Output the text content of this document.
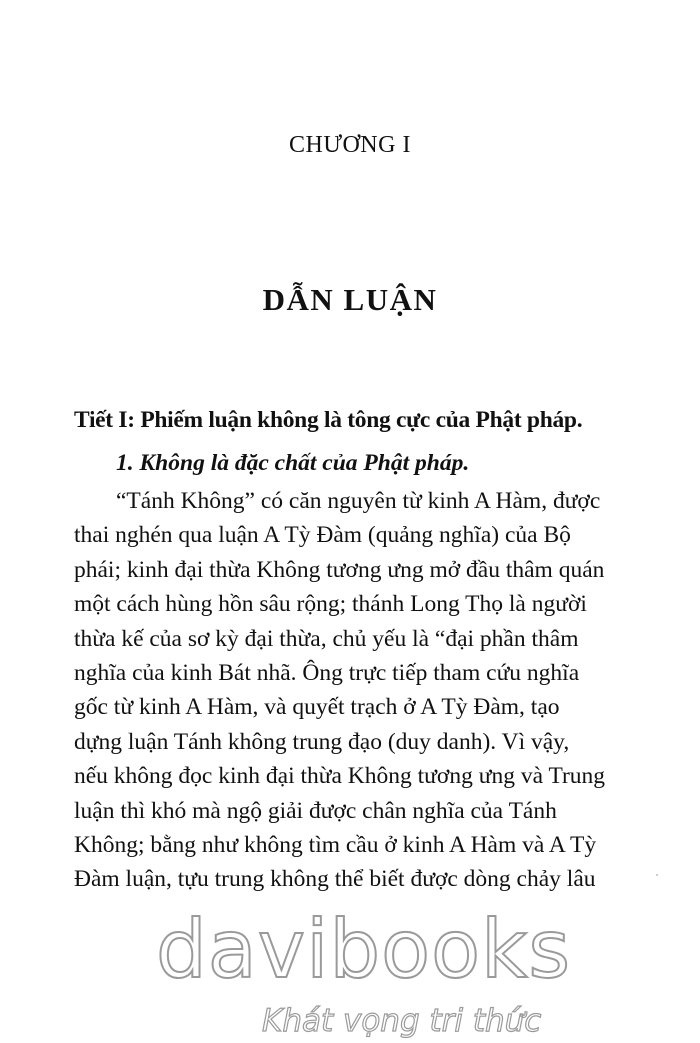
CHƯƠNG I
DẪN LUẬN
Tiết I: Phiếm luận không là tông cực của Phật pháp.
1. Không là đặc chất của Phật pháp.
“Tánh Không” có căn nguyên từ kinh A Hàm, được
thai nghén qua luận A Tỳ Đàm (quảng nghĩa) của Bộ
phái; kinh đại thừa Không tương ưng mở đầu thâm quán
một cách hùng hồn sâu rộng; thánh Long Thọ là người
thừa kế của sơ kỳ đại thừa, chủ yếu là “đại phần thâm
nghĩa của kinh Bát nhã. Ông trực tiếp tham cứu nghĩa
gốc từ kinh A Hàm, và quyết trạch ở A Tỳ Đàm, tạo
dựng luận Tánh không trung đạo (duy danh). Vì vậy,
nếu không đọc kinh đại thừa Không tương ưng và Trung
luận thì khó mà ngộ giải được chân nghĩa của Tánh
Không; bằng như không tìm cầu ở kinh A Hàm và A Tỳ
Đàm luận, tựu trung không thể biết được dòng chảy lâu
davibooks
Khát vọng tri thức
